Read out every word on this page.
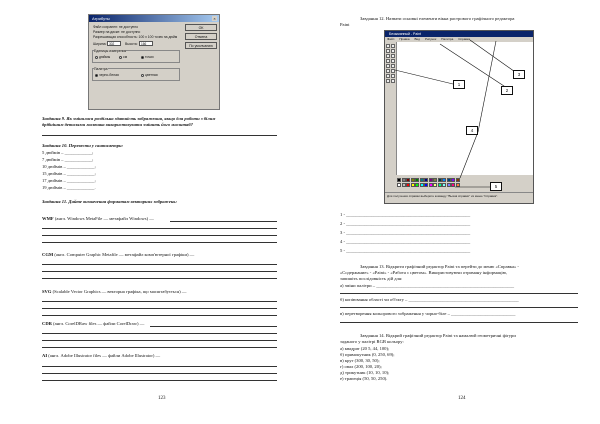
Атрибуты	×
Файл сохранен: не доступно
Размер на диске: не доступно
Разрешающая способность: 100 x 100 точек на дюйм
Ширина: 302	Высота:	166
Единицы измерения
дюймы	см	точки
Палитра
черно-белая	цветная
ОК
Отмена
По умолчанию
Завдання 9. Як змінилася роздільна здатність зображення, якщо для роботи з білим
дрібнішим деталями малюнка використовувати змінить його масштаб?
Завдання 10. Перевести у сантиметри:
5 дюймів – ____________;
7 дюймів – ____________;
10 дюймів – ____________;
15 дюймів – ____________;
17 дюймів – ____________;
19 дюймів – ____________.
Завдання 11. Дайте визначення форматам векторних зображень:
WMF (англ. Windows MetaFile — метафайл Windows) —
CGM (англ. Computer Graphic Metafile — метафайл комп'ютерної графіки) —
SVG (Scalable Vector Graphics — векторна графіка, що масштабується) —
CDR (англ. CorelDRaw files — файли CorelDraw) —
AI (англ. Adobe Illustrator files — файли Adobe Illustrator) —
123
Завдання 12. Назвати основні елементи вікна растрового графічного редактора
Paint
Безымянный - Paint
Файл Правка Вид Рисунок Палитра Справка
Для получения справки выберите команду "Вызов справки" из меню "Справка".
1
2
3
4
5
1 - ______________________________________________________
2 - ______________________________________________________
3 - ______________________________________________________
4 - ______________________________________________________
5 - ______________________________________________________
Завдання 13. Відкрити графічний редактор Paint та перейти до меню «Справка» -
«Содержание» - «Paint» - «Работа с цветом». Використовуючи отриману інформацію,
запишіть послідовність дій для:
а) зміни палітри – ____________________________________________________________
б) копіювання області чи об'єкту – ________________________________________________
в) перетворення кольорового зображення у чорно-біле – ____________________________
Завдання 14. Відкрий графічний редактор Paint та намалюй геометричні фігури
заданого у палітрі RGB кольору:
а) квадрат (20 5, 44, 100);
б) прямокутник (0, 250, 69);
в) круг (300, 30, 50);
г) овал (200, 100, 20);
д) трикутник (10, 10, 10);
е) трапеція (50, 50, 250).
124
